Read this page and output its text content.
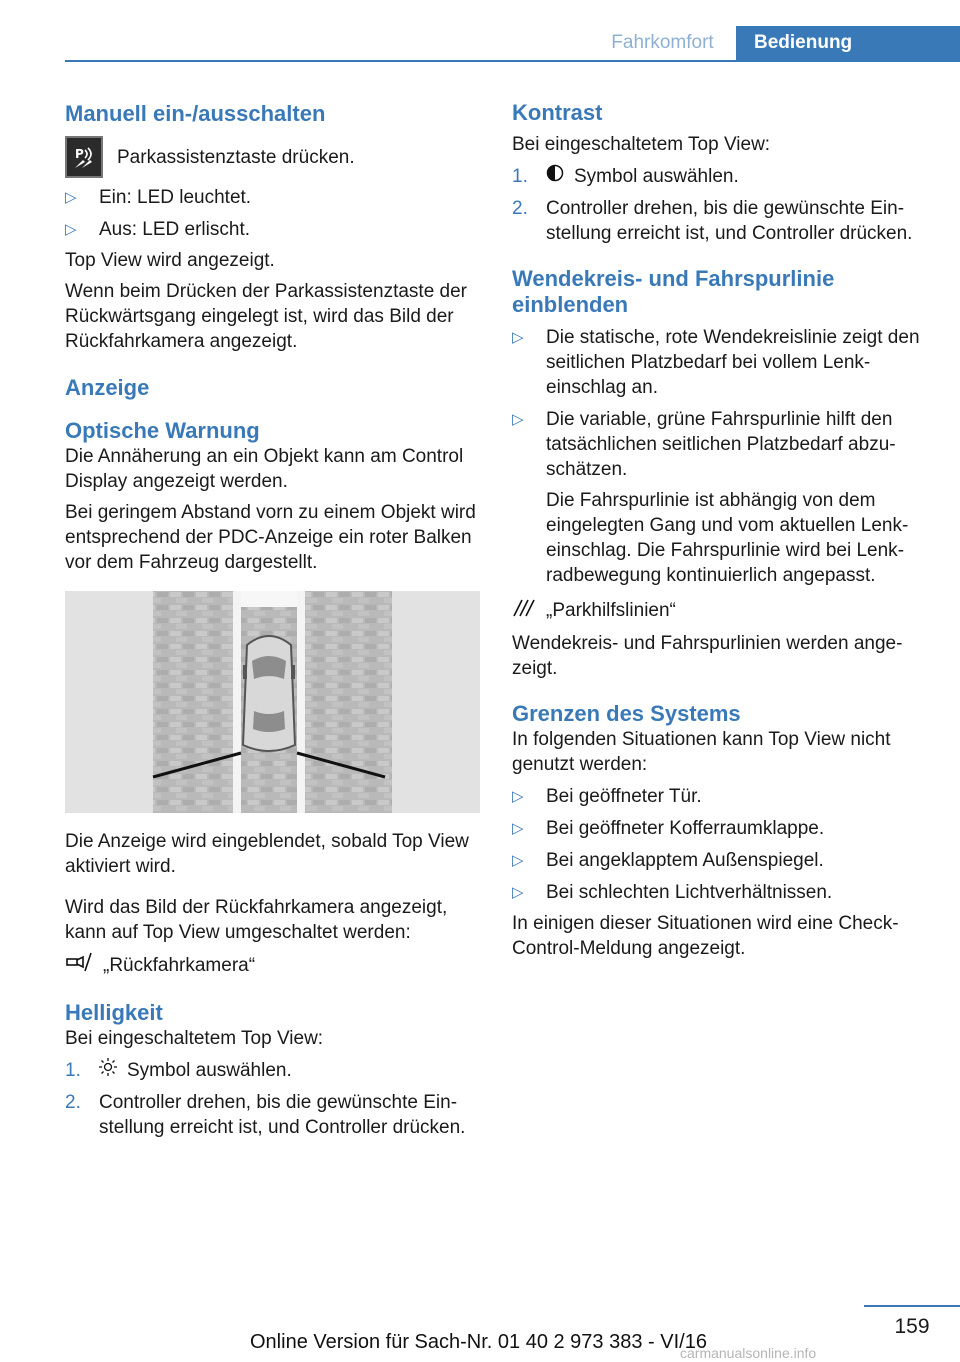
Fahrkomfort	Bedienung
Manuell ein-/ausschalten
P Parkassistenztaste drücken.
▷ Ein: LED leuchtet.
▷ Aus: LED erlischt.

Top View wird angezeigt.

Wenn beim Drücken der Parkassistenztaste der Rückwärtsgang eingelegt ist, wird das Bild der Rückfahrkamera angezeigt.

Anzeige
Optische Warnung

Die Annäherung an ein Objekt kann am Control Display angezeigt werden.

Bei geringem Abstand vorn zu einem Objekt wird entsprechend der PDC-Anzeige ein roter Balken vor dem Fahrzeug dargestellt.

Die Anzeige wird eingeblendet, sobald Top View aktiviert wird.

Wird das Bild der Rückfahrkamera angezeigt, kann auf Top View umgeschaltet werden:

„Rückfahrkamera“
Helligkeit

Bei eingeschaltetem Top View:

1. Symbol auswählen.
2. Controller drehen, bis die gewünschte Einstellung erreicht ist, und Controller drücken.
Kontrast

Bei eingeschaltetem Top View:

1. Symbol auswählen.
2. Controller drehen, bis die gewünschte Einstellung erreicht ist, und Controller drücken.
Wendekreis- und Fahrspurlinie einblenden
▷ Die statische, rote Wendekreislinie zeigt den seitlichen Platzbedarf bei vollem Lenkeinschlag an.
▷ Die variable, grüne Fahrspurlinie hilft den tatsächlichen seitlichen Platzbedarf abzuschätzen.

Die Fahrspurlinie ist abhängig von dem eingelegten Gang und vom aktuellen Lenkeinschlag. Die Fahrspurlinie wird bei Lenkradbewegung kontinuierlich angepasst.

„Parkhilfslinien“

Wendekreis- und Fahrspurlinien werden angezeigt.

Grenzen des Systems

In folgenden Situationen kann Top View nicht genutzt werden:

▷ Bei geöffneter Tür.
▷ Bei geöffneter Kofferraumklappe.
▷ Bei angeklapptem Außenspiegel.
▷ Bei schlechten Lichtverhältnissen.

In einigen dieser Situationen wird eine Check-Control-Meldung angezeigt.

159
Online Version für Sach-Nr. 01 40 2 973 383 - VI/16
carmanualsonline.info
